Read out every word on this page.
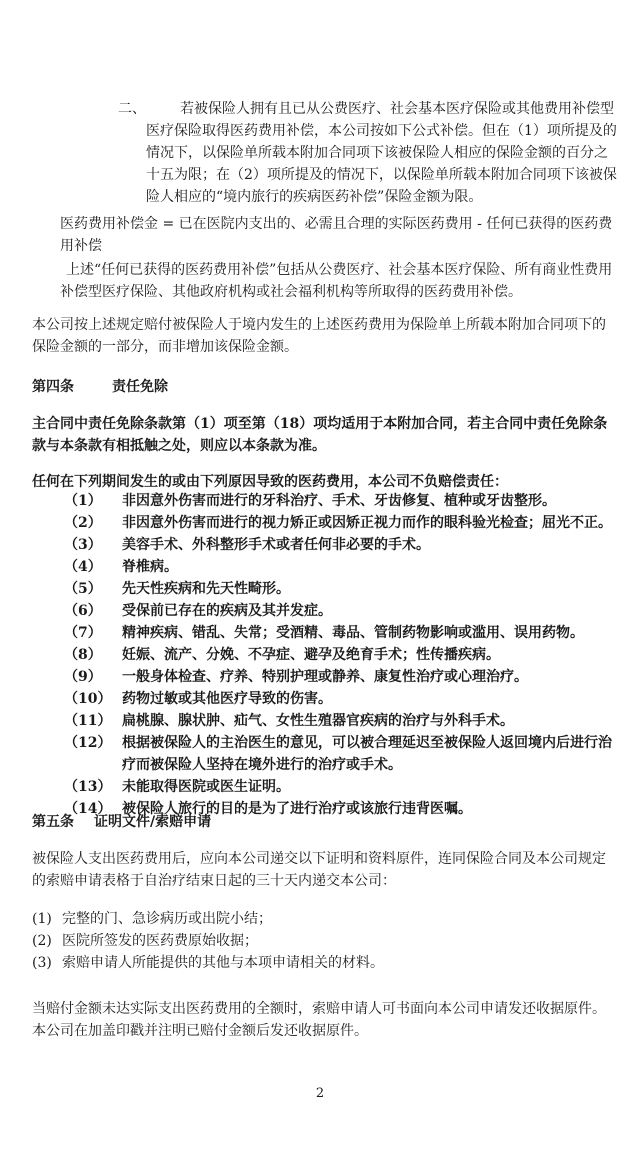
二、	若被保险人拥有且已从公费医疗、社会基本医疗保险或其他费用补偿型医疗保险取得医药费用补偿，本公司按如下公式补偿。但在（1）项所提及的情况下，以保险单所载本附加合同项下该被保险人相应的保险金额的百分之十五为限；在（2）项所提及的情况下，以保险单所载本附加合同项下该被保险人相应的“境内旅行的疾病医药补偿”保险金额为限。
医药费用补偿金 = 已在医院内支出的、必需且合理的实际医药费用 - 任何已获得的医药费用补偿
上述“任何已获得的医药费用补偿”包括从公费医疗、社会基本医疗保险、所有商业性费用补偿型医疗保险、其他政府机构或社会福利机构等所取得的医药费用补偿。
本公司按上述规定赔付被保险人于境内发生的上述医药费用为保险单上所载本附加合同项下的保险金额的一部分，而非增加该保险金额。
第四条	责任免除
主合同中责任免除条款第（1）项至第（18）项均适用于本附加合同，若主合同中责任免除条款与本条款有相抵触之处，则应以本条款为准。
任何在下列期间发生的或由下列原因导致的医药费用，本公司不负赔偿责任：
（1） 非因意外伤害而进行的牙科治疗、手术、牙齿修复、植种或牙齿整形。
（2） 非因意外伤害而进行的视力矫正或因矫正视力而作的眼科验光检查；屈光不正。
（3） 美容手术、外科整形手术或者任何非必要的手术。
（4） 脊椎病。
（5） 先天性疾病和先天性畸形。
（6） 受保前已存在的疾病及其并发症。
（7） 精神疾病、错乱、失常；受酒精、毒品、管制药物影响或滥用、误用药物。
（8） 妊娠、流产、分娩、不孕症、避孕及绝育手术；性传播疾病。
（9） 一般身体检查、疗养、特别护理或静养、康复性治疗或心理治疗。
（10） 药物过敏或其他医疗导致的伤害。
（11） 扁桃腺、腺状肿、疝气、女性生殖器官疾病的治疗与外科手术。
（12） 根据被保险人的主治医生的意见，可以被合理延迟至被保险人返回境内后进行治疗而被保险人坚持在境外进行的治疗或手术。
（13） 未能取得医院或医生证明。
（14） 被保险人旅行的目的是为了进行治疗或该旅行违背医嘱。
第五条 证明文件/索赔申请
被保险人支出医药费用后，应向本公司递交以下证明和资料原件，连同保险合同及本公司规定的索赔申请表格于自治疗结束日起的三十天内递交本公司：
(1) 完整的门、急诊病历或出院小结；
(2) 医院所签发的医药费原始收据；
(3) 索赔申请人所能提供的其他与本项申请相关的材料。
当赔付金额未达实际支出医药费用的全额时，索赔申请人可书面向本公司申请发还收据原件。本公司在加盖印戳并注明已赔付金额后发还收据原件。
2
